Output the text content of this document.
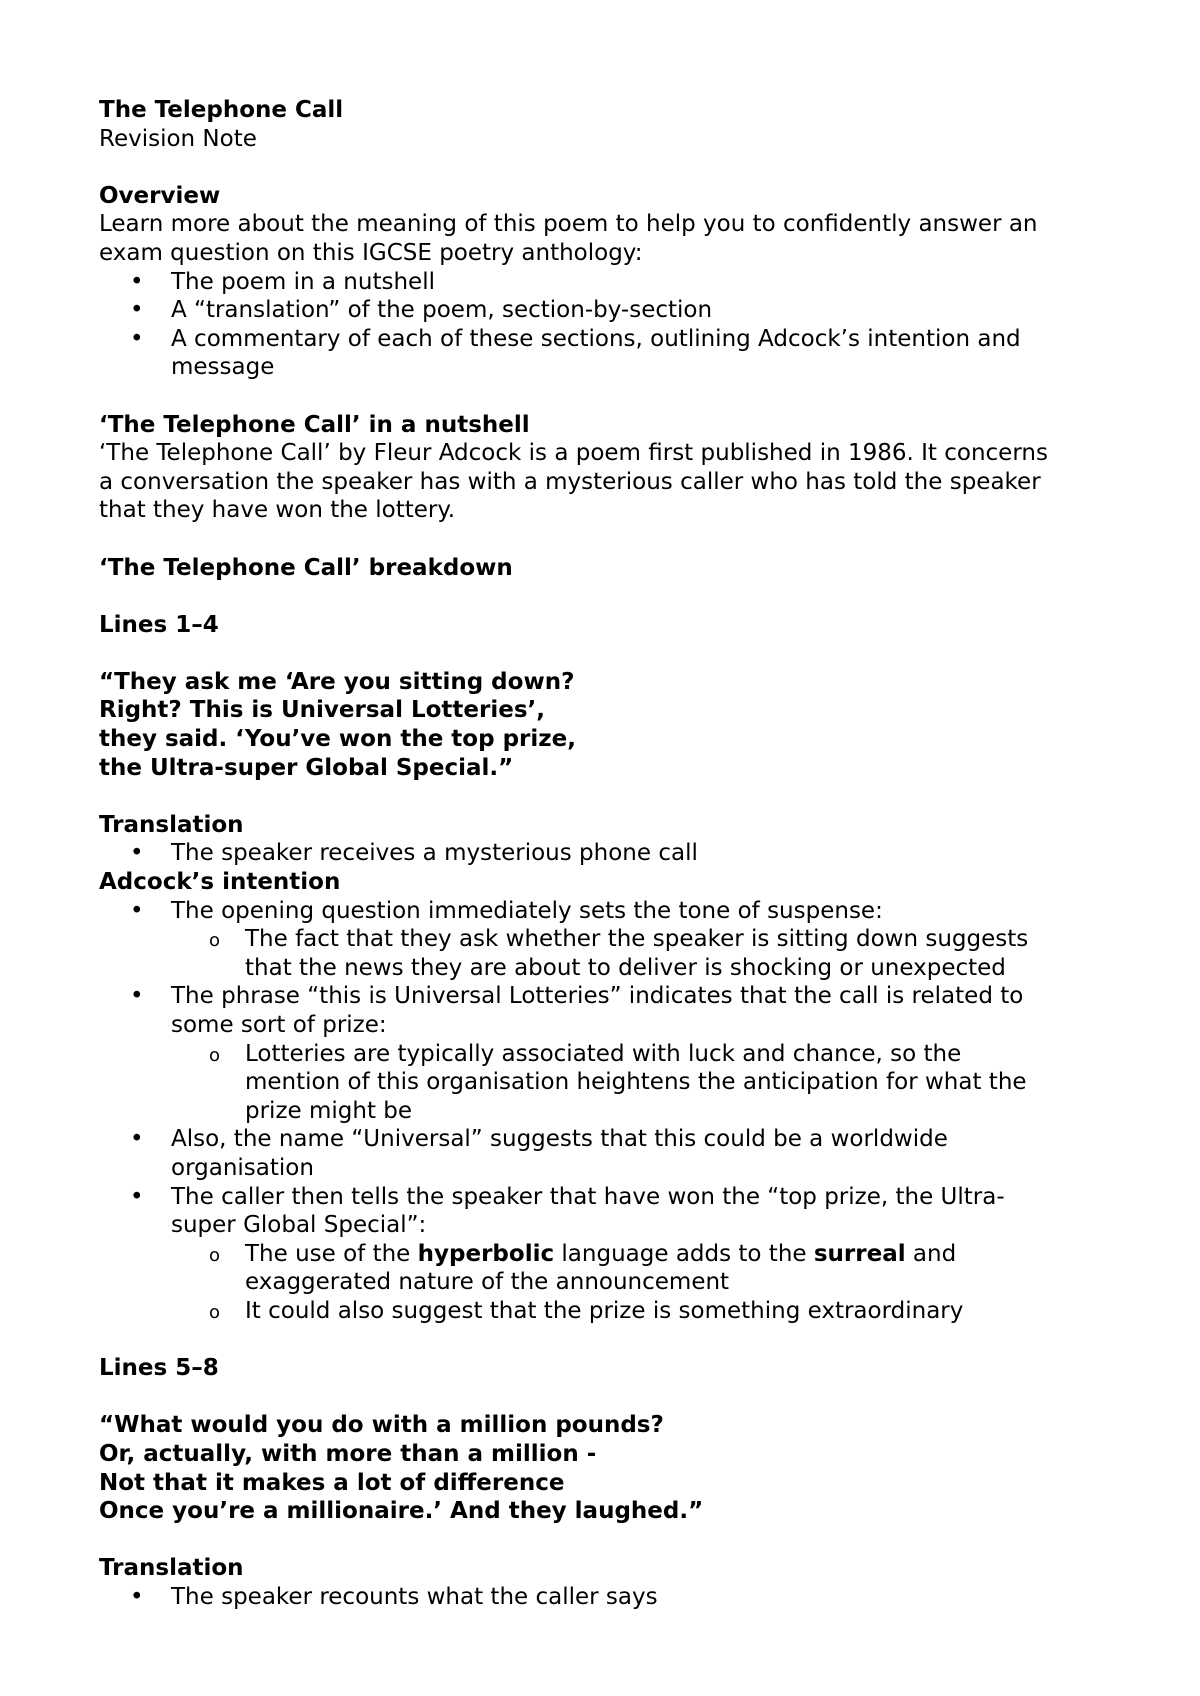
The Telephone Call
Revision Note
Overview
Learn more about the meaning of this poem to help you to confidently answer an
exam question on this IGCSE poetry anthology:
• The poem in a nutshell
• A “translation” of the poem, section-by-section
• A commentary of each of these sections, outlining Adcock’s intention and
message
‘The Telephone Call’ in a nutshell
‘The Telephone Call’ by Fleur Adcock is a poem first published in 1986. It concerns
a conversation the speaker has with a mysterious caller who has told the speaker
that they have won the lottery.
‘The Telephone Call’ breakdown
Lines 1–4
“They ask me ‘Are you sitting down?
Right? This is Universal Lotteries’,
they said. ‘You’ve won the top prize,
the Ultra-super Global Special.”
Translation
• The speaker receives a mysterious phone call
Adcock’s intention
• The opening question immediately sets the tone of suspense:
o The fact that they ask whether the speaker is sitting down suggests
that the news they are about to deliver is shocking or unexpected
• The phrase “this is Universal Lotteries” indicates that the call is related to
some sort of prize:
o Lotteries are typically associated with luck and chance, so the
mention of this organisation heightens the anticipation for what the
prize might be
• Also, the name “Universal” suggests that this could be a worldwide
organisation
• The caller then tells the speaker that have won the “top prize, the Ultra-
super Global Special”:
o The use of the hyperbolic language adds to the surreal and
exaggerated nature of the announcement
o It could also suggest that the prize is something extraordinary
Lines 5–8
“What would you do with a million pounds?
Or, actually, with more than a million -
Not that it makes a lot of difference
Once you’re a millionaire.’ And they laughed.”
Translation
• The speaker recounts what the caller says
